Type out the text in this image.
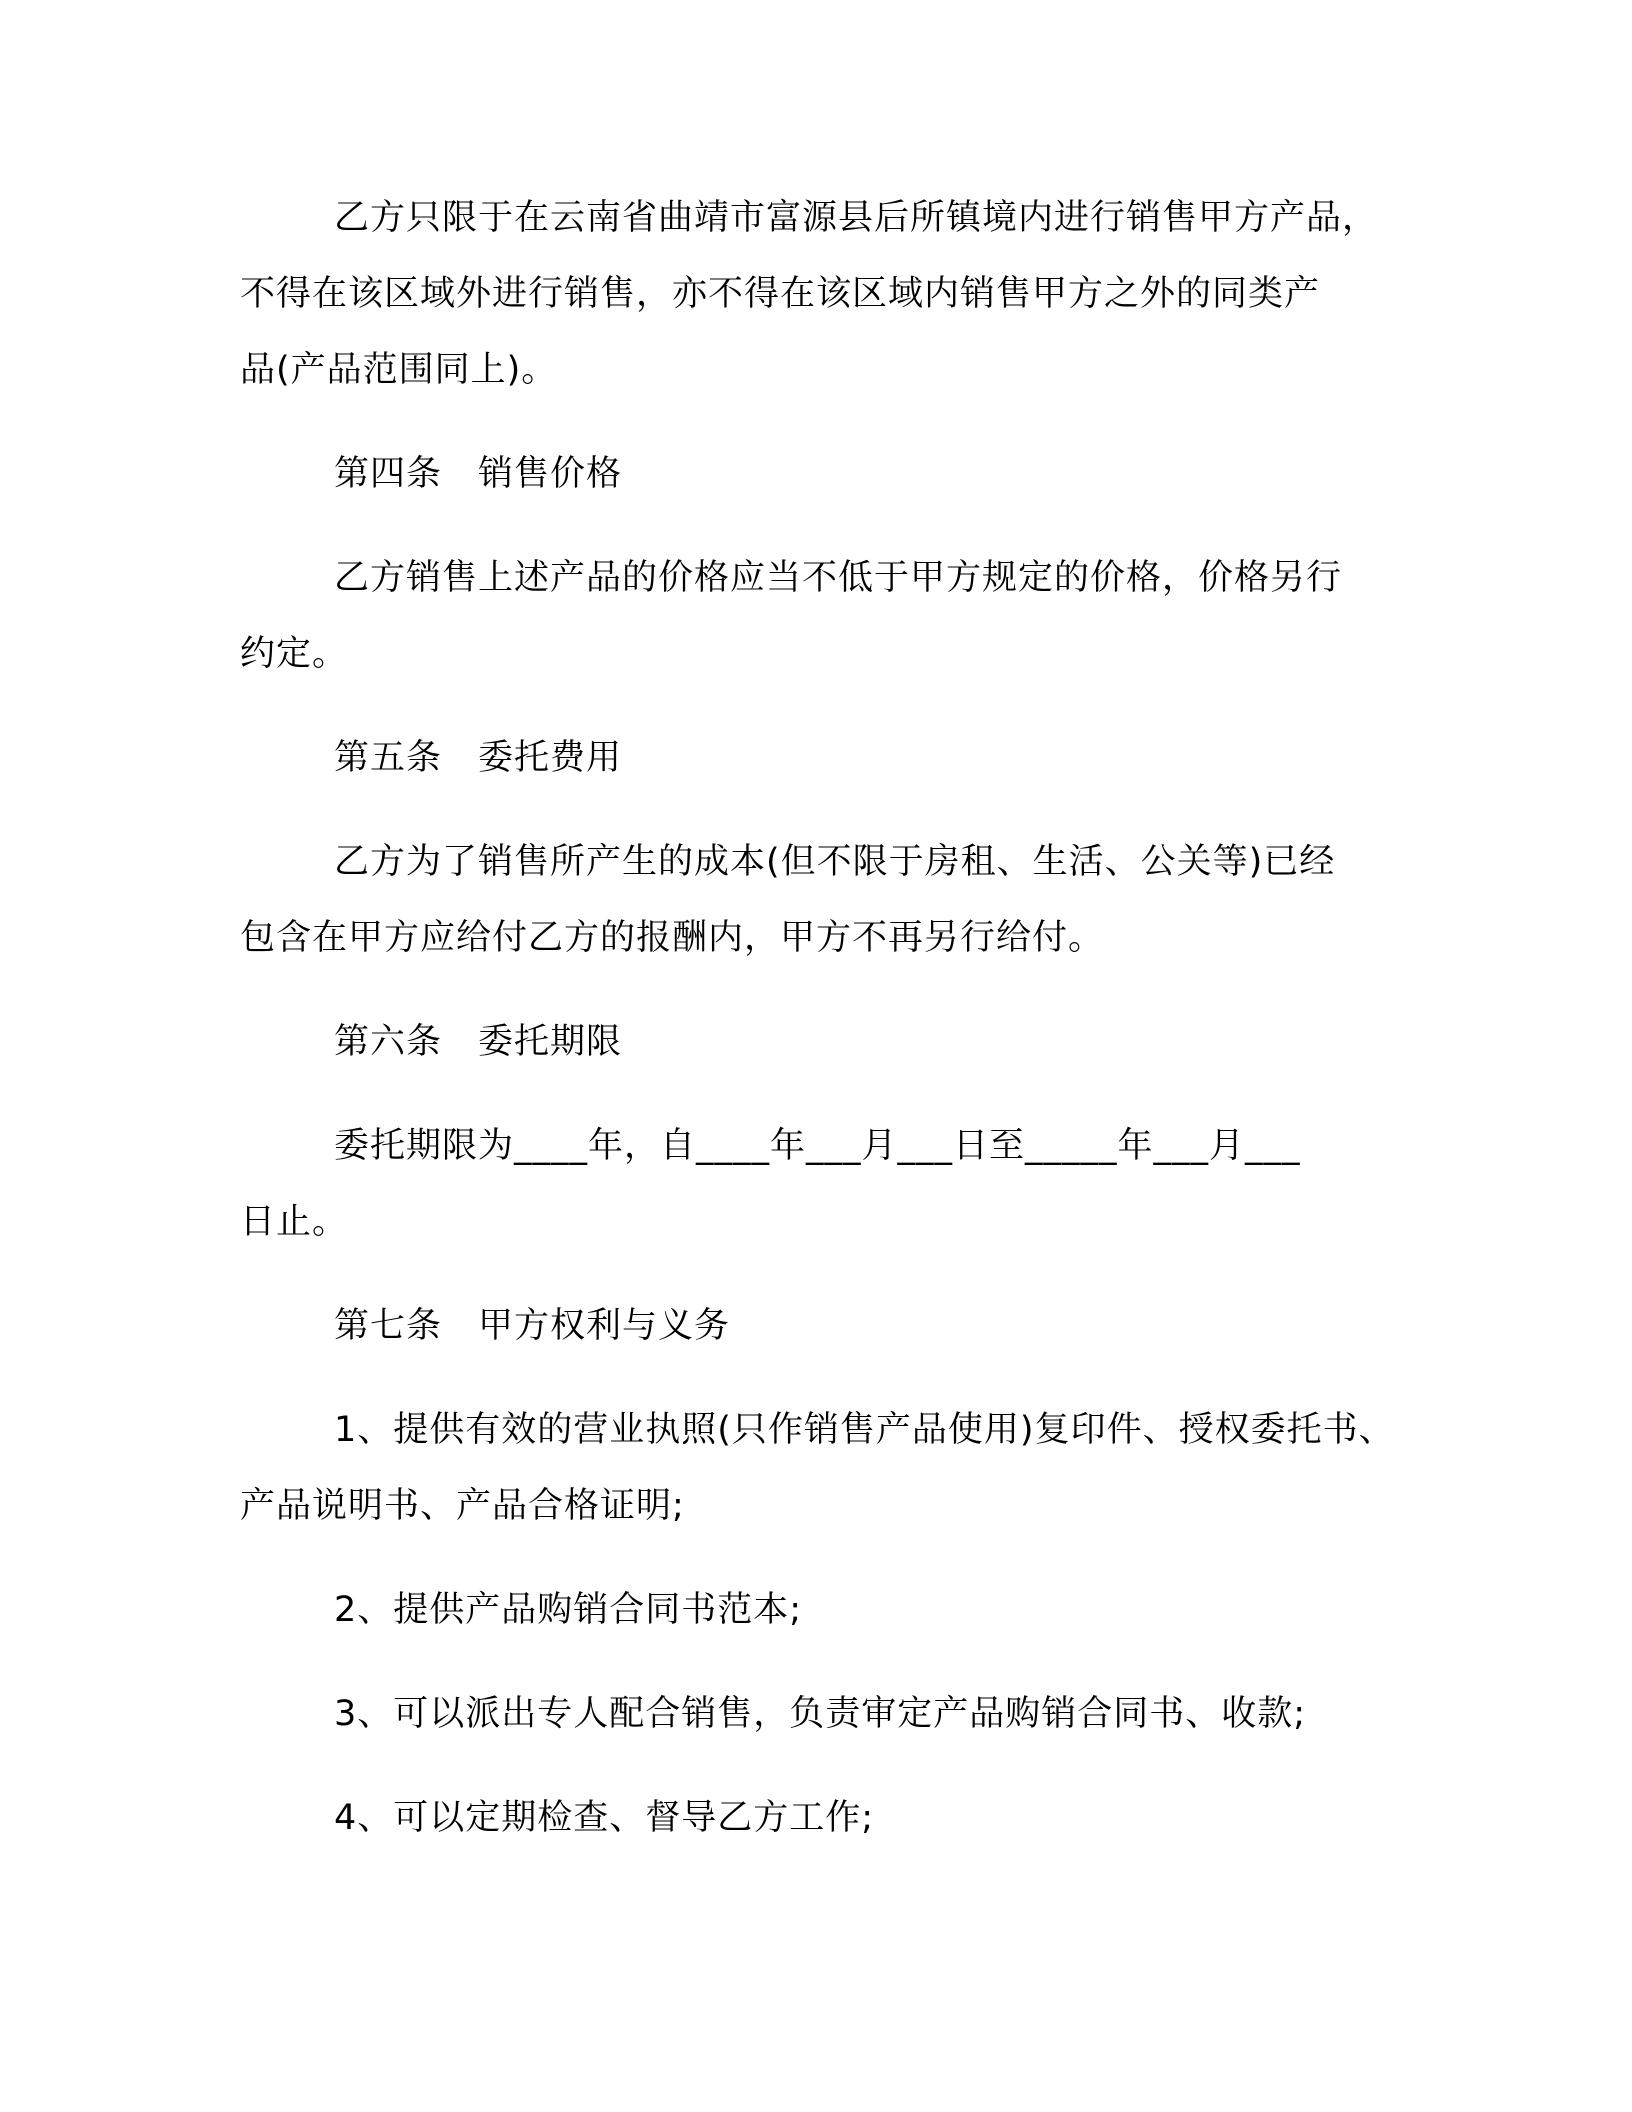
乙方只限于在云南省曲靖市富源县后所镇境内进行销售甲方产品，
不得在该区域外进行销售，亦不得在该区域内销售甲方之外的同类产
品(产品范围同上)。
第四条　销售价格
乙方销售上述产品的价格应当不低于甲方规定的价格，价格另行
约定。
第五条　委托费用
乙方为了销售所产生的成本(但不限于房租、生活、公关等)已经
包含在甲方应给付乙方的报酬内，甲方不再另行给付。
第六条　委托期限
委托期限为____年，自____年___月___日至_____年___月___
日止。
第七条　甲方权利与义务
1、提供有效的营业执照(只作销售产品使用)复印件、授权委托书、
产品说明书、产品合格证明;
2、提供产品购销合同书范本;
3、可以派出专人配合销售，负责审定产品购销合同书、收款;
4、可以定期检查、督导乙方工作;
